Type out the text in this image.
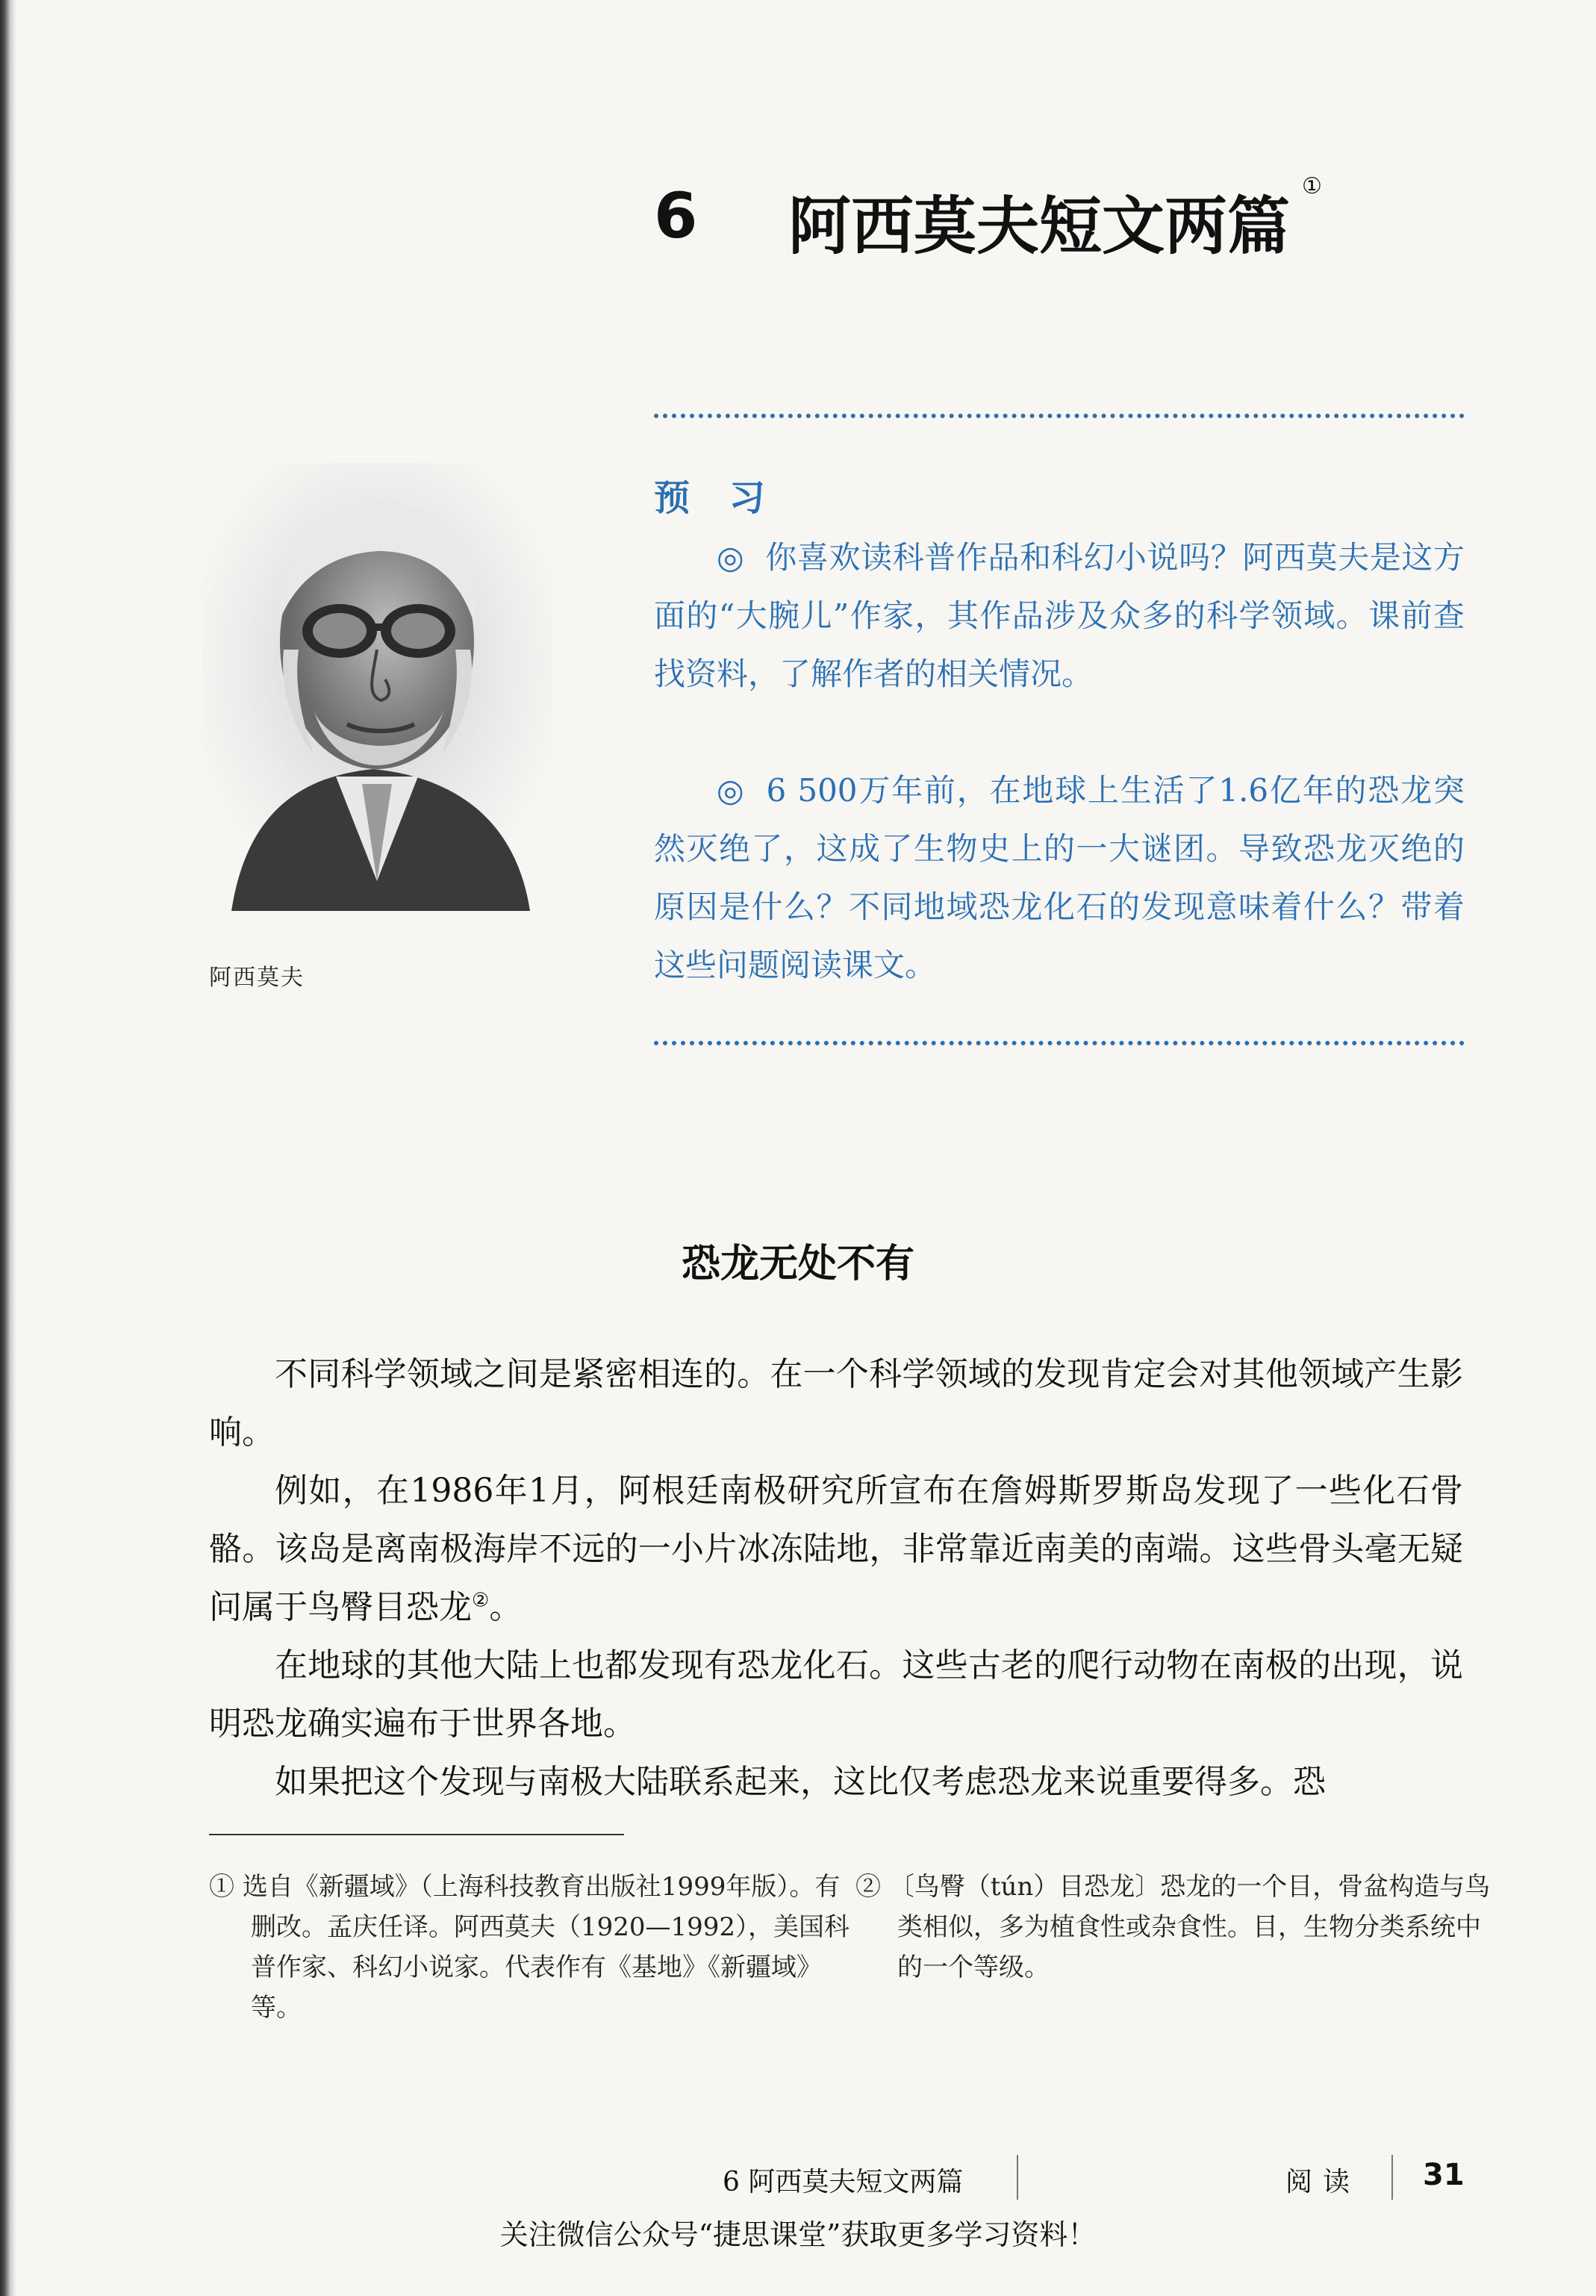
6 阿西莫夫短文两篇
①
阿西莫夫
预 习

◎ 你喜欢读科普作品和科幻小说吗？阿西莫夫是这方面的“大腕儿”作家，其作品涉及众多的科学领域。课前查找资料，了解作者的相关情况。

◎ 6 500万年前，在地球上生活了1.6亿年的恐龙突然灭绝了，这成了生物史上的一大谜团。导致恐龙灭绝的原因是什么？不同地域恐龙化石的发现意味着什么？带着这些问题阅读课文。

恐龙无处不有

不同科学领域之间是紧密相连的。在一个科学领域的发现肯定会对其他领域产生影响。

例如，在1986年1月，阿根廷南极研究所宣布在詹姆斯罗斯岛发现了一些化石骨骼。该岛是离南极海岸不远的一小片冰冻陆地，非常靠近南美的南端。这些骨头毫无疑问属于鸟臀目恐龙②。

在地球的其他大陆上也都发现有恐龙化石。这些古老的爬行动物在南极的出现，说明恐龙确实遍布于世界各地。

如果把这个发现与南极大陆联系起来，这比仅考虑恐龙来说重要得多。恐

① 选自《新疆域》（上海科技教育出版社1999年版）。有删改。孟庆任译。阿西莫夫（1920—1992），美国科普作家、科幻小说家。代表作有《基地》《新疆域》等。

② 〔鸟臀（tún）目恐龙〕恐龙的一个目，骨盆构造与鸟类相似，多为植食性或杂食性。目，生物分类系统中的一个等级。

6 阿西莫夫短文两篇	阅读 31
关注微信公众号“捷思课堂”获取更多学习资料！
